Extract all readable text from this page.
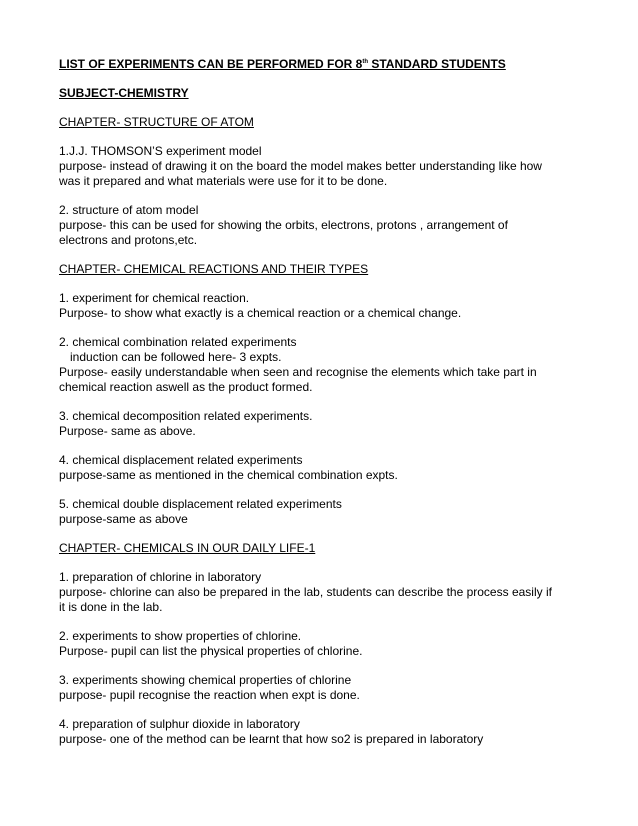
LIST OF EXPERIMENTS CAN BE PERFORMED FOR 8th STANDARD STUDENTS
SUBJECT-CHEMISTRY
CHAPTER- STRUCTURE OF ATOM
1.J.J. THOMSON’S experiment model
purpose- instead of drawing it on the board the model makes better understanding like how
was it prepared and what materials were use for it to be done.
2. structure of atom model
purpose- this can be used for showing the orbits, electrons, protons , arrangement of
electrons and protons,etc.
CHAPTER- CHEMICAL REACTIONS AND THEIR TYPES
1. experiment for chemical reaction.
Purpose- to show what exactly is a chemical reaction or a chemical change.
2. chemical combination related experiments
induction can be followed here- 3 expts.
Purpose- easily understandable when seen and recognise the elements which take part in
chemical reaction aswell as the product formed.
3. chemical decomposition related experiments.
Purpose- same as above.
4. chemical displacement related experiments
purpose-same as mentioned in the chemical combination expts.
5. chemical double displacement related experiments
purpose-same as above
CHAPTER- CHEMICALS IN OUR DAILY LIFE-1
1. preparation of chlorine in laboratory
purpose- chlorine can also be prepared in the lab, students can describe the process easily if
it is done in the lab.
2. experiments to show properties of chlorine.
Purpose- pupil can list the physical properties of chlorine.
3. experiments showing chemical properties of chlorine
purpose- pupil recognise the reaction when expt is done.
4. preparation of sulphur dioxide in laboratory
purpose- one of the method can be learnt that how so2 is prepared in laboratory
